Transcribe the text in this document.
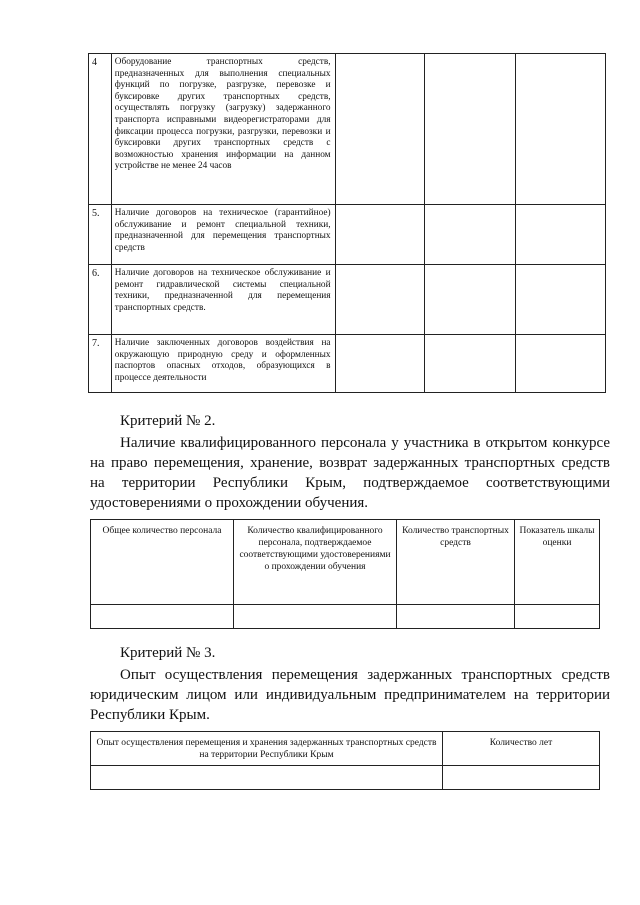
4	Оборудование транспортных средств, предназначенных для выполнения специальных функций по погрузке, разгрузке, перевозке и буксировке других транспортных средств, осуществлять погрузку (загрузку) задержанного транспорта исправными видеорегистраторами для фиксации процесса погрузки, разгрузки, перевозки и буксировки других транспортных средств с возможностью хранения информации на данном устройстве не менее 24 часов			
5.	Наличие договоров на техническое (гарантийное) обслуживание и ремонт специальной техники, предназначенной для перемещения транспортных средств			
6.	Наличие договоров на техническое обслуживание и ремонт гидравлической системы специальной техники, предназначенной для перемещения транспортных средств.			
7.	Наличие заключенных договоров воздействия на окружающую природную среду и оформленных паспортов опасных отходов, образующихся в процессе деятельности			
Критерий № 2.
Наличие квалифицированного персонала у участника в открытом конкурсе на право перемещения, хранение, возврат задержанных транспортных средств на территории Республики Крым, подтверждаемое соответствующими удостоверениями о прохождении обучения.
Общее количество персонала	Количество квалифицированного персонала, подтверждаемое соответствующими удостоверениями о прохождении обучения	Количество транспортных средств	Показатель шкалы оценки

Критерий № 3.
Опыт осуществления перемещения задержанных транспортных средств юридическим лицом или индивидуальным предпринимателем на территории Республики Крым.
Опыт осуществления перемещения и хранения задержанных транспортных средств на территории Республики Крым	Количество лет
